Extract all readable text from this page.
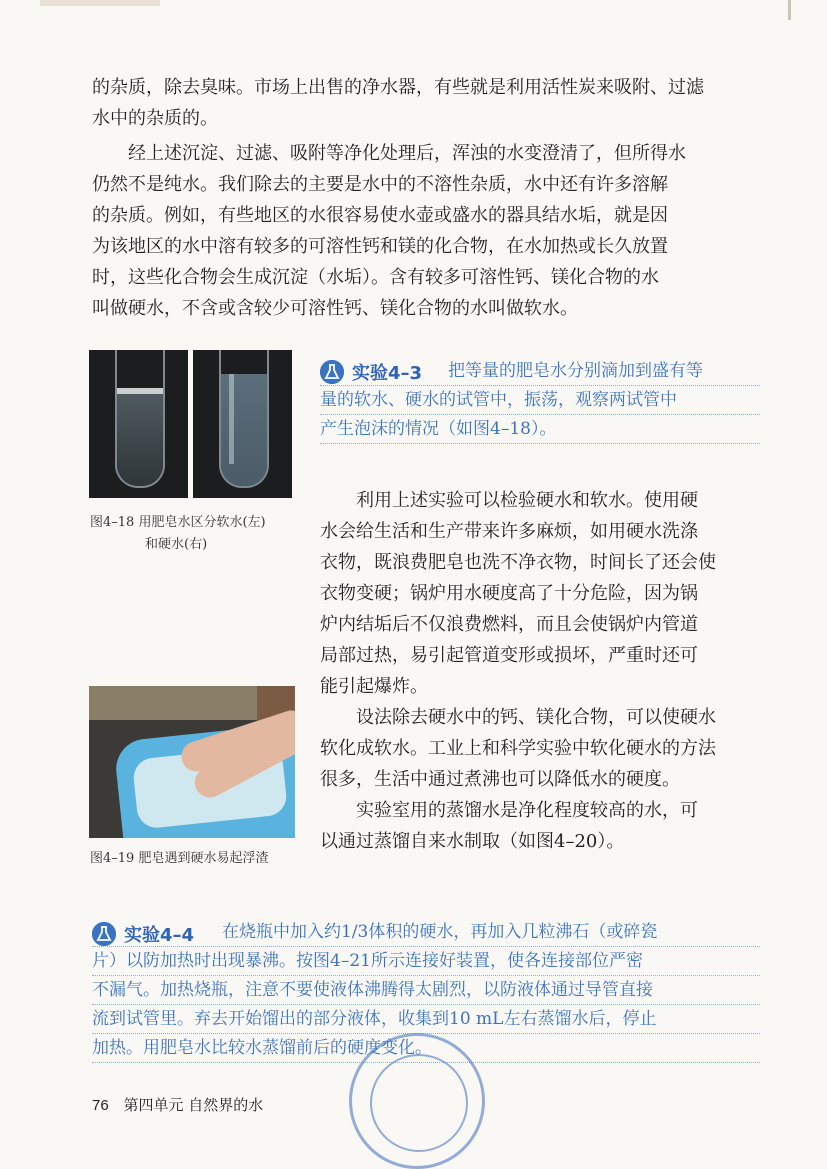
的杂质，除去臭味。市场上出售的净水器，有些就是利用活性炭来吸附、过滤
水中的杂质的。

　　经上述沉淀、过滤、吸附等净化处理后，浑浊的水变澄清了，但所得水
仍然不是纯水。我们除去的主要是水中的不溶性杂质，水中还有许多溶解
的杂质。例如，有些地区的水很容易使水壶或盛水的器具结水垢，就是因
为该地区的水中溶有较多的可溶性钙和镁的化合物，在水加热或长久放置
时，这些化合物会生成沉淀（水垢）。含有较多可溶性钙、镁化合物的水
叫做硬水，不含或含较少可溶性钙、镁化合物的水叫做软水。

图4–18 用肥皂水区分软水(左)
和硬水(右)
实验4–3	把等量的肥皂水分别滴加到盛有等
量的软水、硬水的试管中，振荡，观察两试管中
产生泡沫的情况（如图4–18）。

　　利用上述实验可以检验硬水和软水。使用硬
水会给生活和生产带来许多麻烦，如用硬水洗涤
衣物，既浪费肥皂也洗不净衣物，时间长了还会使
衣物变硬；锅炉用水硬度高了十分危险，因为锅
炉内结垢后不仅浪费燃料，而且会使锅炉内管道
局部过热，易引起管道变形或损坏，严重时还可
能引起爆炸。
　　设法除去硬水中的钙、镁化合物，可以使硬水
软化成软水。工业上和科学实验中软化硬水的方法
很多，生活中通过煮沸也可以降低水的硬度。
　　实验室用的蒸馏水是净化程度较高的水，可
以通过蒸馏自来水制取（如图4–20）。

图4–19 肥皂遇到硬水易起浮渣
实验4–4	在烧瓶中加入约1/3体积的硬水，再加入几粒沸石（或碎瓷
片）以防加热时出现暴沸。按图4–21所示连接好装置，使各连接部位严密
不漏气。加热烧瓶，注意不要使液体沸腾得太剧烈，以防液体通过导管直接
流到试管里。弃去开始馏出的部分液体，收集到10 mL左右蒸馏水后，停止
加热。用肥皂水比较水蒸馏前后的硬度变化。
76 第四单元 自然界的水
